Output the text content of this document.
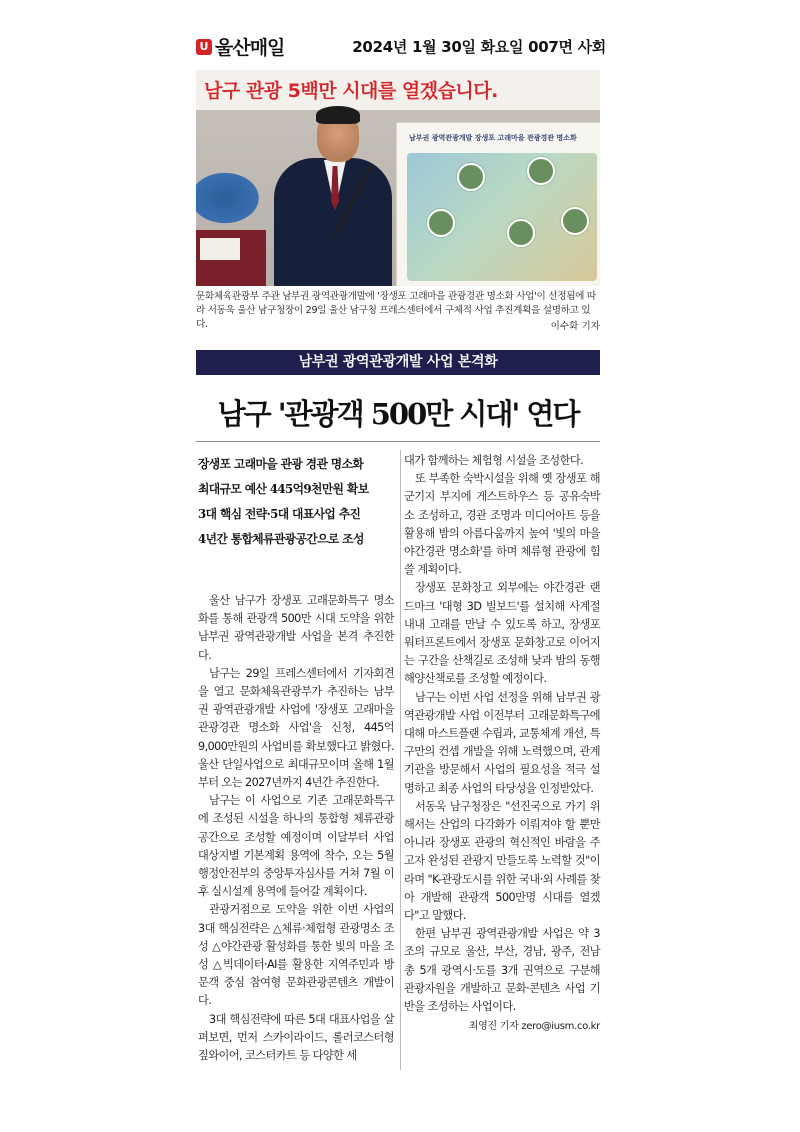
U 울산매일	2024년 1월 30일 화요일 007면 사회
남구 관광 5백만 시대를 열겠습니다.
남부권 광역관광개발 장생포 고래마을 관광경관 명소화
문화체육관광부 주관 남부권 광역관광개발에 '장생포 고래마을 관광경관 명소화 사업'이 선정됨에 따라 서동욱 울산 남구청장이 29일 울산 남구청 프레스센터에서 구체적 사업 추진계획을 설명하고 있다.	이수화 기자
남부권 광역관광개발 사업 본격화
남구 '관광객 500만 시대' 연다
장생포 고래마을 관광 경관 명소화
최대규모 예산 445억9천만원 확보
3대 핵심 전략·5대 대표사업 추진
4년간 통합체류관광공간으로 조성

울산 남구가 장생포 고래문화특구 명소화를 통해 관광객 500만 시대 도약을 위한 남부권 광역관광개발 사업을 본격 추진한다.

남구는 29일 프레스센터에서 기자회견을 열고 문화체육관광부가 추진하는 남부권 광역관광개발 사업에 '장생포 고래마을 관광경관 명소화 사업'을 신청, 445억9,000만원의 사업비를 확보했다고 밝혔다. 울산 단일사업으로 최대규모이며 올해 1월부터 오는 2027년까지 4년간 추진한다.

남구는 이 사업으로 기존 고래문화특구에 조성된 시설을 하나의 통합형 체류관광 공간으로 조성할 예정이며 이달부터 사업 대상지별 기본계획 용역에 착수, 오는 5월 행정안전부의 중앙투자심사를 거쳐 7월 이후 실시설계 용역에 들어갈 계획이다.

관광거점으로 도약을 위한 이번 사업의 3대 핵심전략은 △체류·체험형 관광명소 조성 △야간관광 활성화를 통한 빛의 마을 조성 △빅데이터·AI를 활용한 지역주민과 방문객 중심 참여형 문화관광콘텐츠 개발이다.

3대 핵심전략에 따른 5대 대표사업을 살펴보면, 먼저 스카이라이드, 롤러코스터형 짚와이어, 코스터카트 등 다양한 세

대가 함께하는 체험형 시설을 조성한다.

또 부족한 숙박시설을 위해 옛 장생포 해군기지 부지에 게스트하우스 등 공유숙박소 조성하고, 경관 조명과 미디어아트 등을 활용해 밤의 아름다움까지 높여 '빛의 마을 야간경관 명소화'를 하며 체류형 관광에 힘쓸 계획이다.

장생포 문화창고 외부에는 야간경관 랜드마크 '대형 3D 빌보드'를 설치해 사계절 내내 고래를 만날 수 있도록 하고, 장생포 워터프론트에서 장생포 문화창고로 이어지는 구간을 산책길로 조성해 낮과 밤의 동행 해양산책로를 조성할 예정이다.

남구는 이번 사업 선정을 위해 남부권 광역관광개발 사업 이전부터 고래문화특구에 대해 마스트플랜 수립과, 교통체계 개선, 특구만의 컨셉 개발을 위해 노력했으며, 관계기관을 방문해서 사업의 필요성을 적극 설명하고 최종 사업의 타당성을 인정받았다.

서동욱 남구청장은 "선진국으로 가기 위해서는 산업의 다각화가 이뤄져야 할 뿐만 아니라 장생포 관광의 혁신적인 바람을 주고자 완성된 관광지 만들도록 노력할 것"이라며 "K-관광도시를 위한 국내·외 사례를 찾아 개발해 관광객 500만명 시대를 열겠다"고 말했다.

한편 남부권 광역관광개발 사업은 약 3조의 규모로 울산, 부산, 경남, 광주, 전남 총 5개 광역시·도를 3개 권역으로 구분해 관광자원을 개발하고 문화·콘텐츠 사업 기반을 조성하는 사업이다.

최영진 기자 zero@iusm.co.kr
